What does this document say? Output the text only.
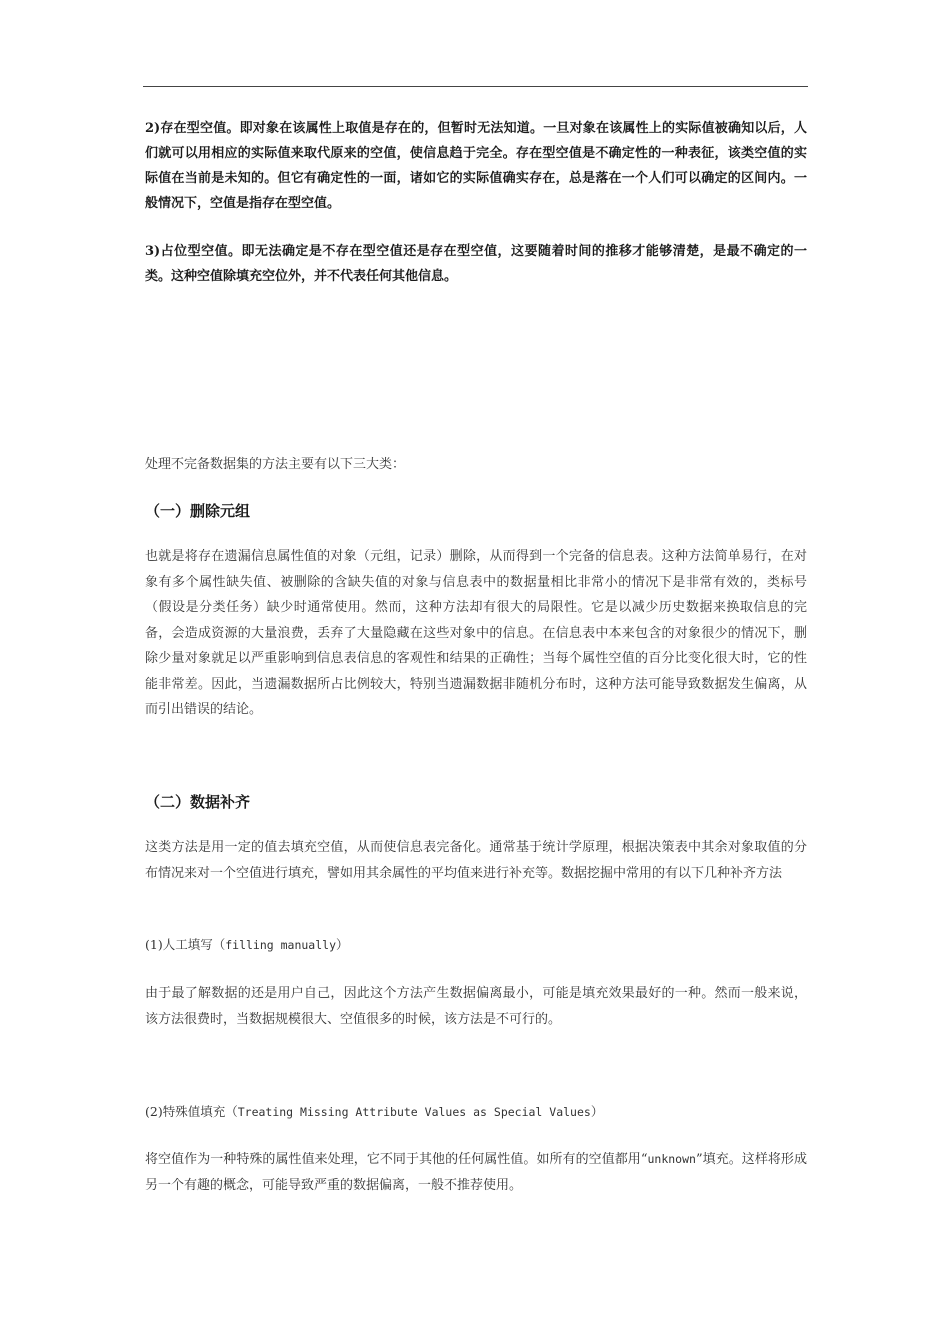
2)存在型空值。即对象在该属性上取值是存在的，但暂时无法知道。一旦对象在该属性上的实际值被确知以后，人们就可以用相应的实际值来取代原来的空值，使信息趋于完全。存在型空值是不确定性的一种表征，该类空值的实际值在当前是未知的。但它有确定性的一面，诸如它的实际值确实存在，总是落在一个人们可以确定的区间内。一般情况下，空值是指存在型空值。
3)占位型空值。即无法确定是不存在型空值还是存在型空值，这要随着时间的推移才能够清楚，是最不确定的一类。这种空值除填充空位外，并不代表任何其他信息。
处理不完备数据集的方法主要有以下三大类：
（一）删除元组
也就是将存在遗漏信息属性值的对象（元组，记录）删除，从而得到一个完备的信息表。这种方法简单易行，在对象有多个属性缺失值、被删除的含缺失值的对象与信息表中的数据量相比非常小的情况下是非常有效的，类标号（假设是分类任务）缺少时通常使用。然而，这种方法却有很大的局限性。它是以减少历史数据来换取信息的完备，会造成资源的大量浪费，丢弃了大量隐藏在这些对象中的信息。在信息表中本来包含的对象很少的情况下，删除少量对象就足以严重影响到信息表信息的客观性和结果的正确性；当每个属性空值的百分比变化很大时，它的性能非常差。因此，当遗漏数据所占比例较大，特别当遗漏数据非随机分布时，这种方法可能导致数据发生偏离，从而引出错误的结论。
（二）数据补齐
这类方法是用一定的值去填充空值，从而使信息表完备化。通常基于统计学原理，根据决策表中其余对象取值的分布情况来对一个空值进行填充，譬如用其余属性的平均值来进行补充等。数据挖掘中常用的有以下几种补齐方法
(1)人工填写（filling manually）
由于最了解数据的还是用户自己，因此这个方法产生数据偏离最小，可能是填充效果最好的一种。然而一般来说，该方法很费时，当数据规模很大、空值很多的时候，该方法是不可行的。
(2)特殊值填充（Treating Missing Attribute Values as Special Values）
将空值作为一种特殊的属性值来处理，它不同于其他的任何属性值。如所有的空值都用“unknown”填充。这样将形成另一个有趣的概念，可能导致严重的数据偏离，一般不推荐使用。
